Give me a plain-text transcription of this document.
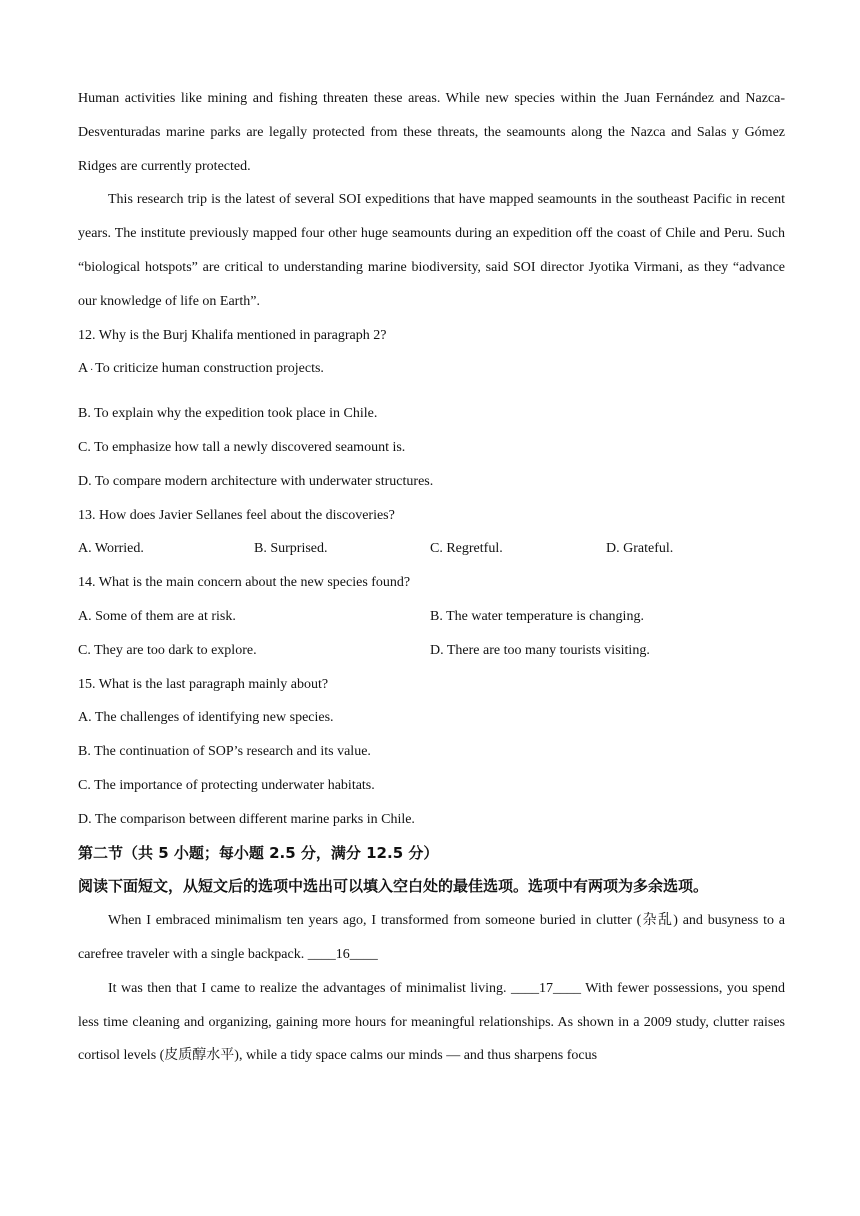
Human activities like mining and fishing threaten these areas. While new species within the Juan Fernández and Nazca-Desventuradas marine parks are legally protected from these threats, the seamounts along the Nazca and Salas y Gómez Ridges are currently protected.

This research trip is the latest of several SOI expeditions that have mapped seamounts in the southeast Pacific in recent years. The institute previously mapped four other huge seamounts during an expedition off the coast of Chile and Peru. Such “biological hotspots” are critical to understanding marine biodiversity, said SOI director Jyotika Virmani, as they “advance our knowledge of life on Earth”.

12. Why is the Burj Khalifa mentioned in paragraph 2?

A · To criticize human construction projects.

B. To explain why the expedition took place in Chile.

C. To emphasize how tall a newly discovered seamount is.

D. To compare modern architecture with underwater structures.

13. How does Javier Sellanes feel about the discoveries?

A. Worried.	B. Surprised.	C. Regretful.	D. Grateful.

14. What is the main concern about the new species found?

A. Some of them are at risk.	B. The water temperature is changing.
C. They are too dark to explore.	D. There are too many tourists visiting.

15. What is the last paragraph mainly about?

A. The challenges of identifying new species.

B. The continuation of SOP’s research and its value.

C. The importance of protecting underwater habitats.

D. The comparison between different marine parks in Chile.

第二节（共 5 小题；每小题 2.5 分，满分 12.5 分）

阅读下面短文，从短文后的选项中选出可以填入空白处的最佳选项。选项中有两项为多余选项。

When I embraced minimalism ten years ago, I transformed from someone buried in clutter (杂乱) and busyness to a carefree traveler with a single backpack. ____16____

It was then that I came to realize the advantages of minimalist living. ____17____ With fewer possessions, you spend less time cleaning and organizing, gaining more hours for meaningful relationships. As shown in a 2009 study, clutter raises cortisol levels (皮质醇水平), while a tidy space calms our minds — and thus sharpens focus
